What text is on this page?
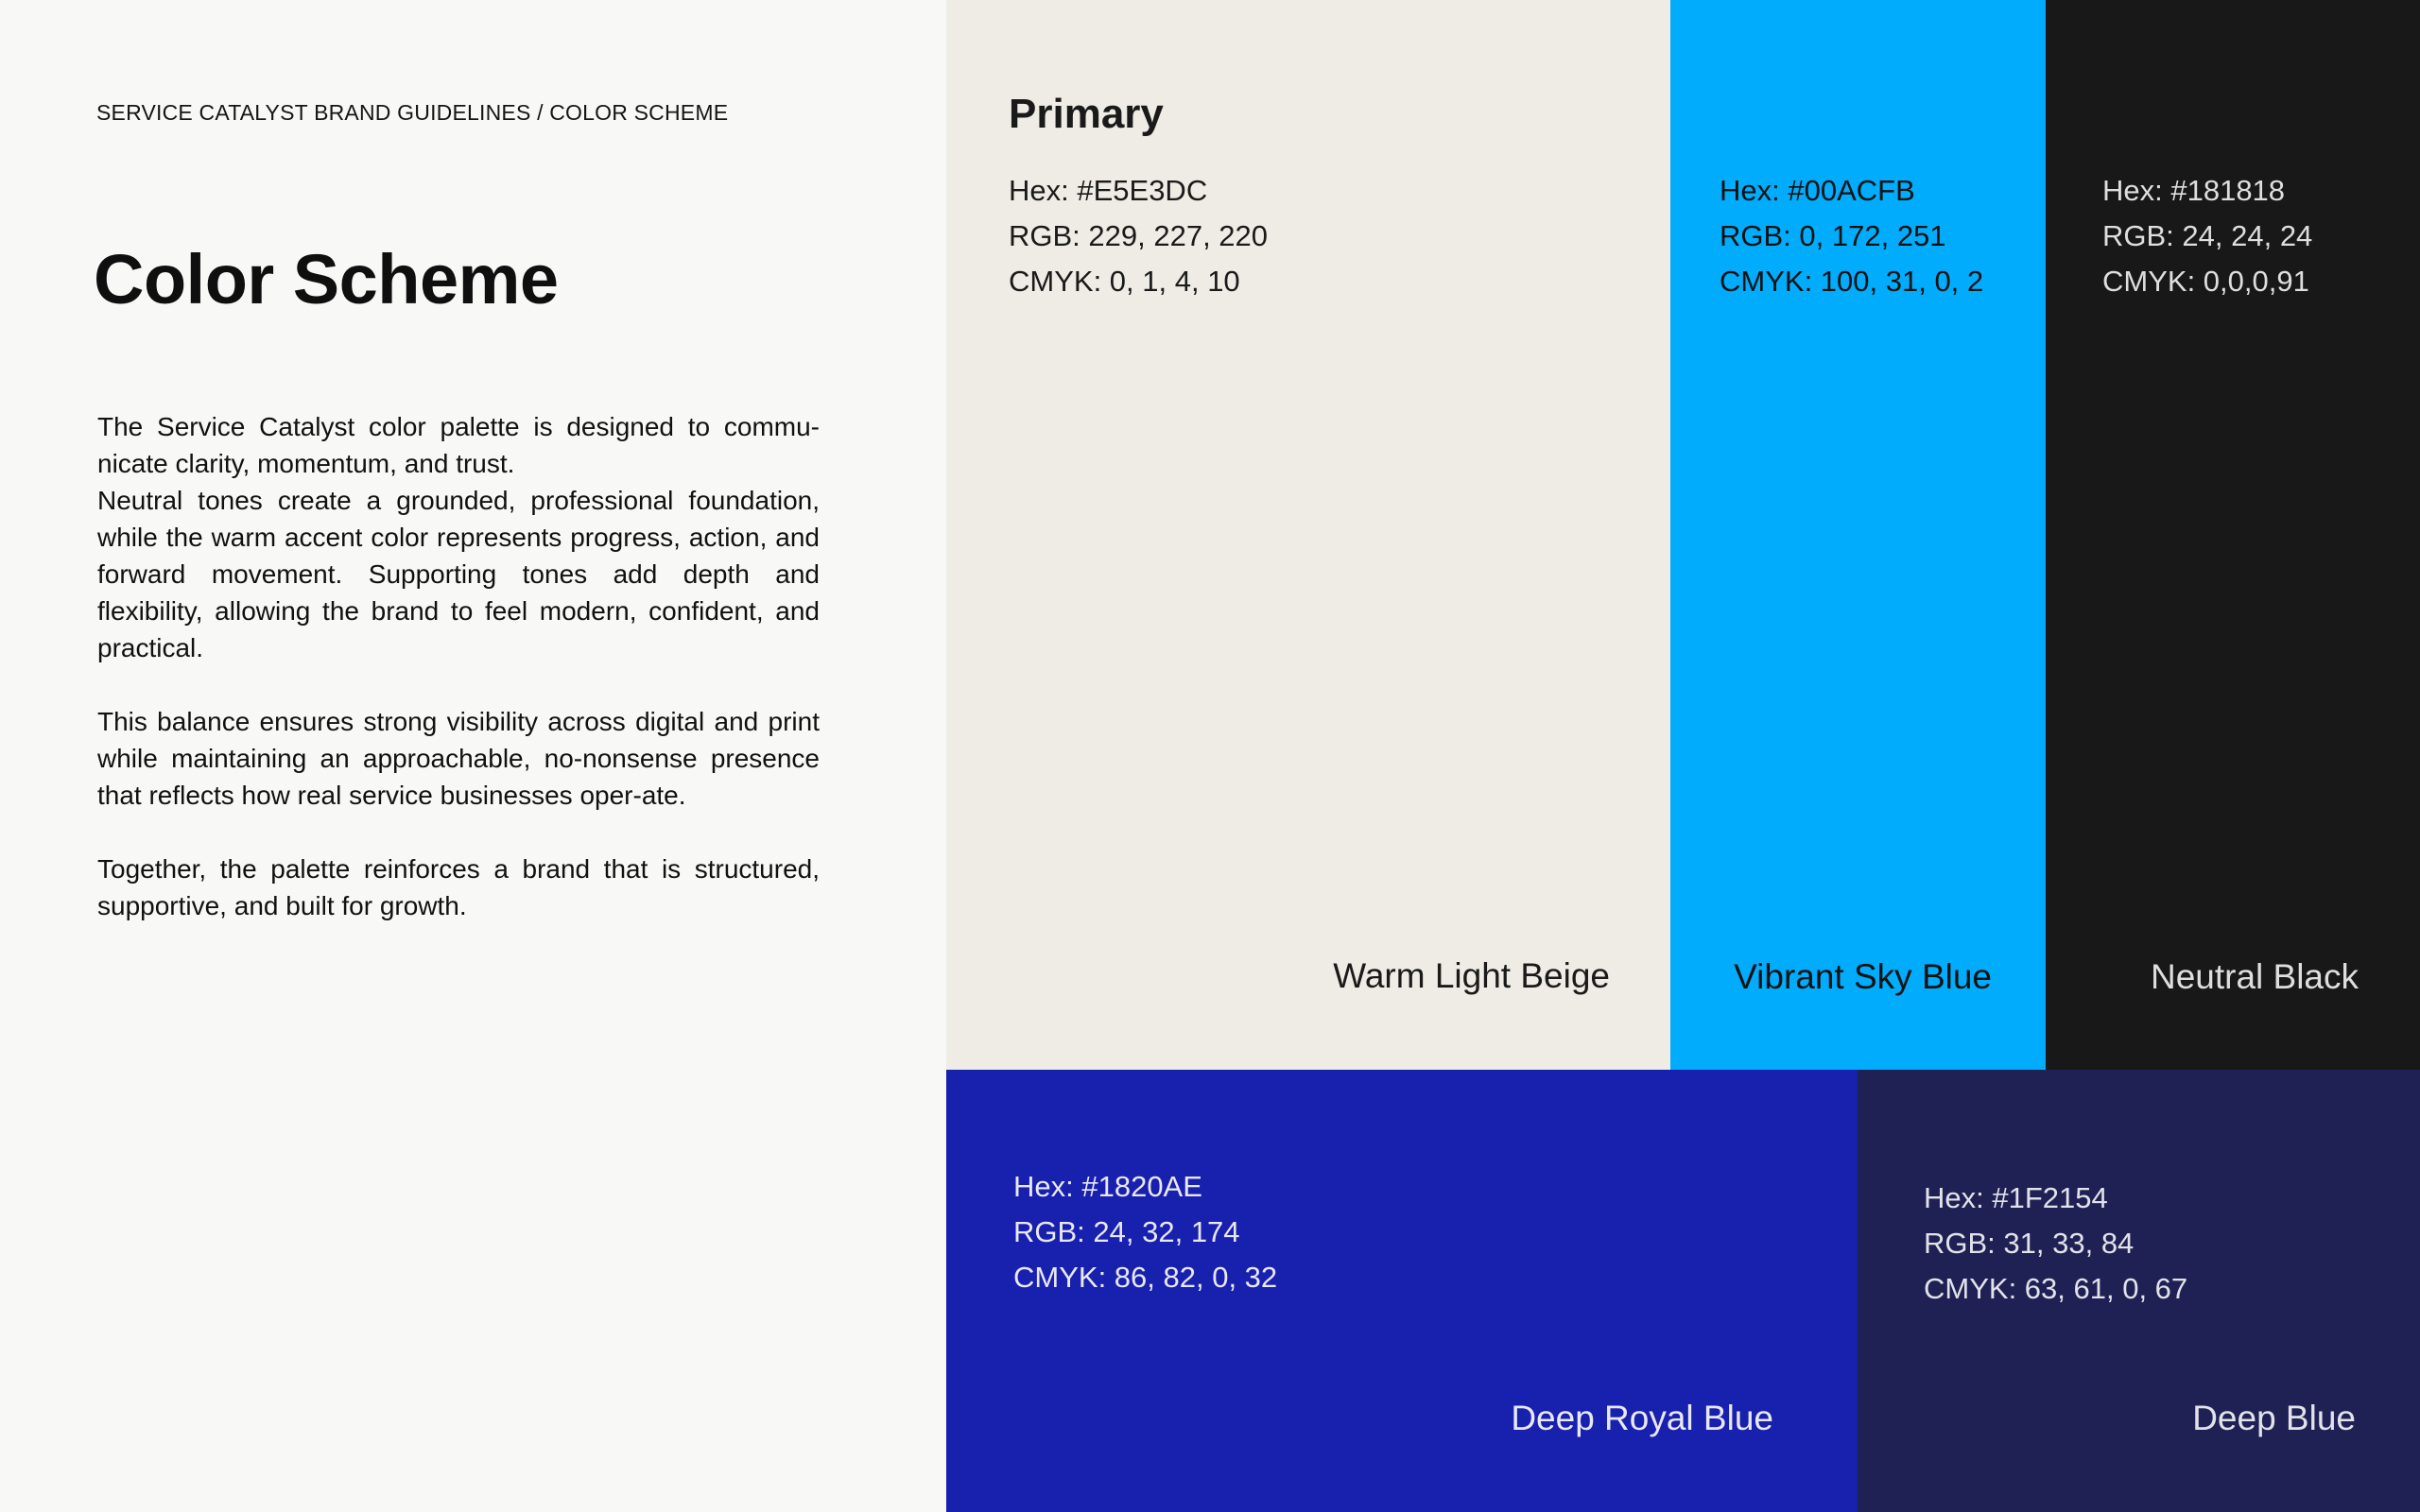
SERVICE CATALYST BRAND GUIDELINES / COLOR SCHEME
Color Scheme

The Service Catalyst color palette is designed to commu-nicate clarity, momentum, and trust.

Neutral tones create a grounded, professional foundation, while the warm accent color represents progress, action, and forward movement. Supporting tones add depth and flexibility, allowing the brand to feel modern, confident, and practical.

This balance ensures strong visibility across digital and print while maintaining an approachable, no-nonsense presence that reflects how real service businesses oper-ate.

Together, the palette reinforces a brand that is structured, supportive, and built for growth.

Primary
Hex: #E5E3DC
RGB: 229, 227, 220
CMYK: 0, 1, 4, 10
Warm Light Beige
Hex: #00ACFB
RGB: 0, 172, 251
CMYK: 100, 31, 0, 2
Vibrant Sky Blue
Hex: #181818
RGB: 24, 24, 24
CMYK: 0,0,0,91
Neutral Black
Hex: #1820AE
RGB: 24, 32, 174
CMYK: 86, 82, 0, 32
Deep Royal Blue
Hex: #1F2154
RGB: 31, 33, 84
CMYK: 63, 61, 0, 67
Deep Blue
